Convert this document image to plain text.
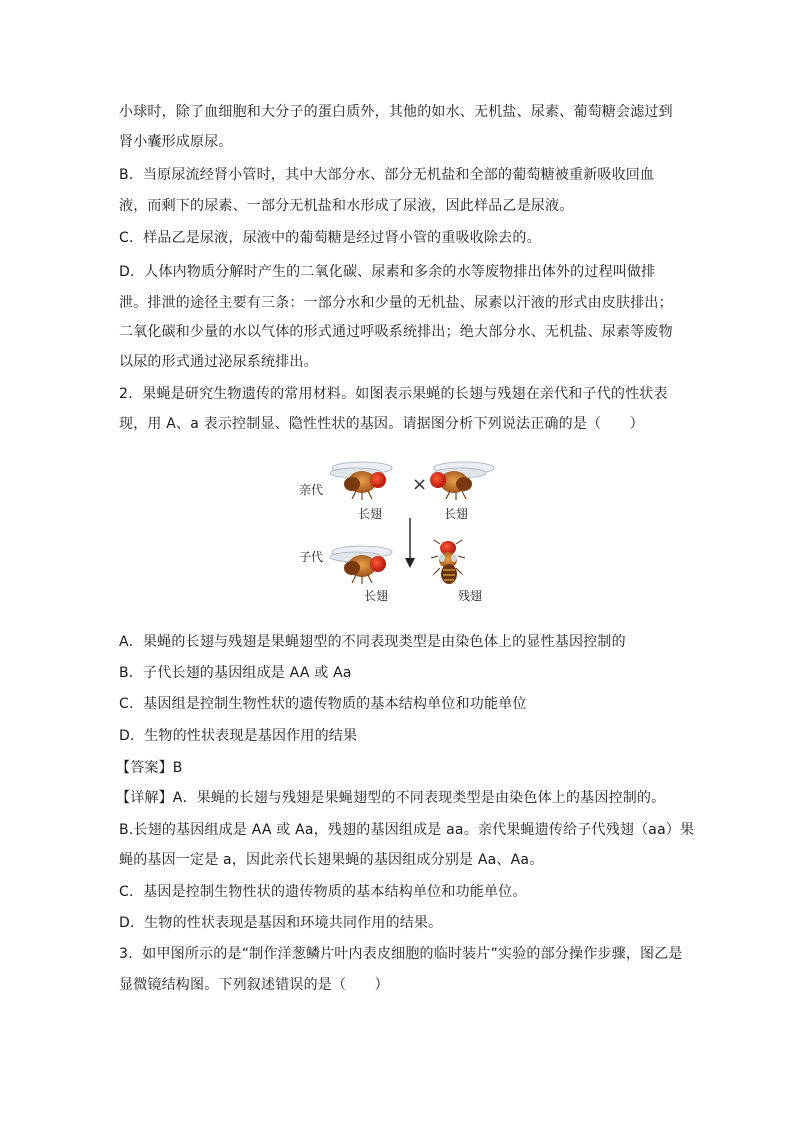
小球时，除了血细胞和大分子的蛋白质外，其他的如水、无机盐、尿素、葡萄糖会滤过到
肾小囊形成原尿。
B．当原尿流经肾小管时，其中大部分水、部分无机盐和全部的葡萄糖被重新吸收回血
液，而剩下的尿素、一部分无机盐和水形成了尿液，因此样品乙是尿液。
C．样品乙是尿液，尿液中的葡萄糖是经过肾小管的重吸收除去的。
D．人体内物质分解时产生的二氧化碳、尿素和多余的水等废物排出体外的过程叫做排
泄。排泄的途径主要有三条：一部分水和少量的无机盐、尿素以汗液的形式由皮肤排出；
二氧化碳和少量的水以气体的形式通过呼吸系统排出；绝大部分水、无机盐、尿素等废物
以尿的形式通过泌尿系统排出。
2．果蝇是研究生物遗传的常用材料。如图表示果蝇的长翅与残翅在亲代和子代的性状表
现，用 A、a 表示控制显、隐性性状的基因。请据图分析下列说法正确的是（　　）
×
亲代
长翅	长翅
子代
长翅	残翅
A．果蝇的长翅与残翅是果蝇翅型的不同表现类型是由染色体上的显性基因控制的
B．子代长翅的基因组成是 AA 或 Aa
C．基因组是控制生物性状的遗传物质的基本结构单位和功能单位
D．生物的性状表现是基因作用的结果
【答案】B
【详解】A．果蝇的长翅与残翅是果蝇翅型的不同表现类型是由染色体上的基因控制的。
B.长翅的基因组成是 AA 或 Aa，残翅的基因组成是 aa。亲代果蝇遗传给子代残翅（aa）果
蝇的基因一定是 a，因此亲代长翅果蝇的基因组成分别是 Aa、Aa。
C．基因是控制生物性状的遗传物质的基本结构单位和功能单位。
D．生物的性状表现是基因和环境共同作用的结果。
3．如甲图所示的是“制作洋葱鳞片叶内表皮细胞的临时装片”实验的部分操作步骤，图乙是
显微镜结构图。下列叙述错误的是（　　）
